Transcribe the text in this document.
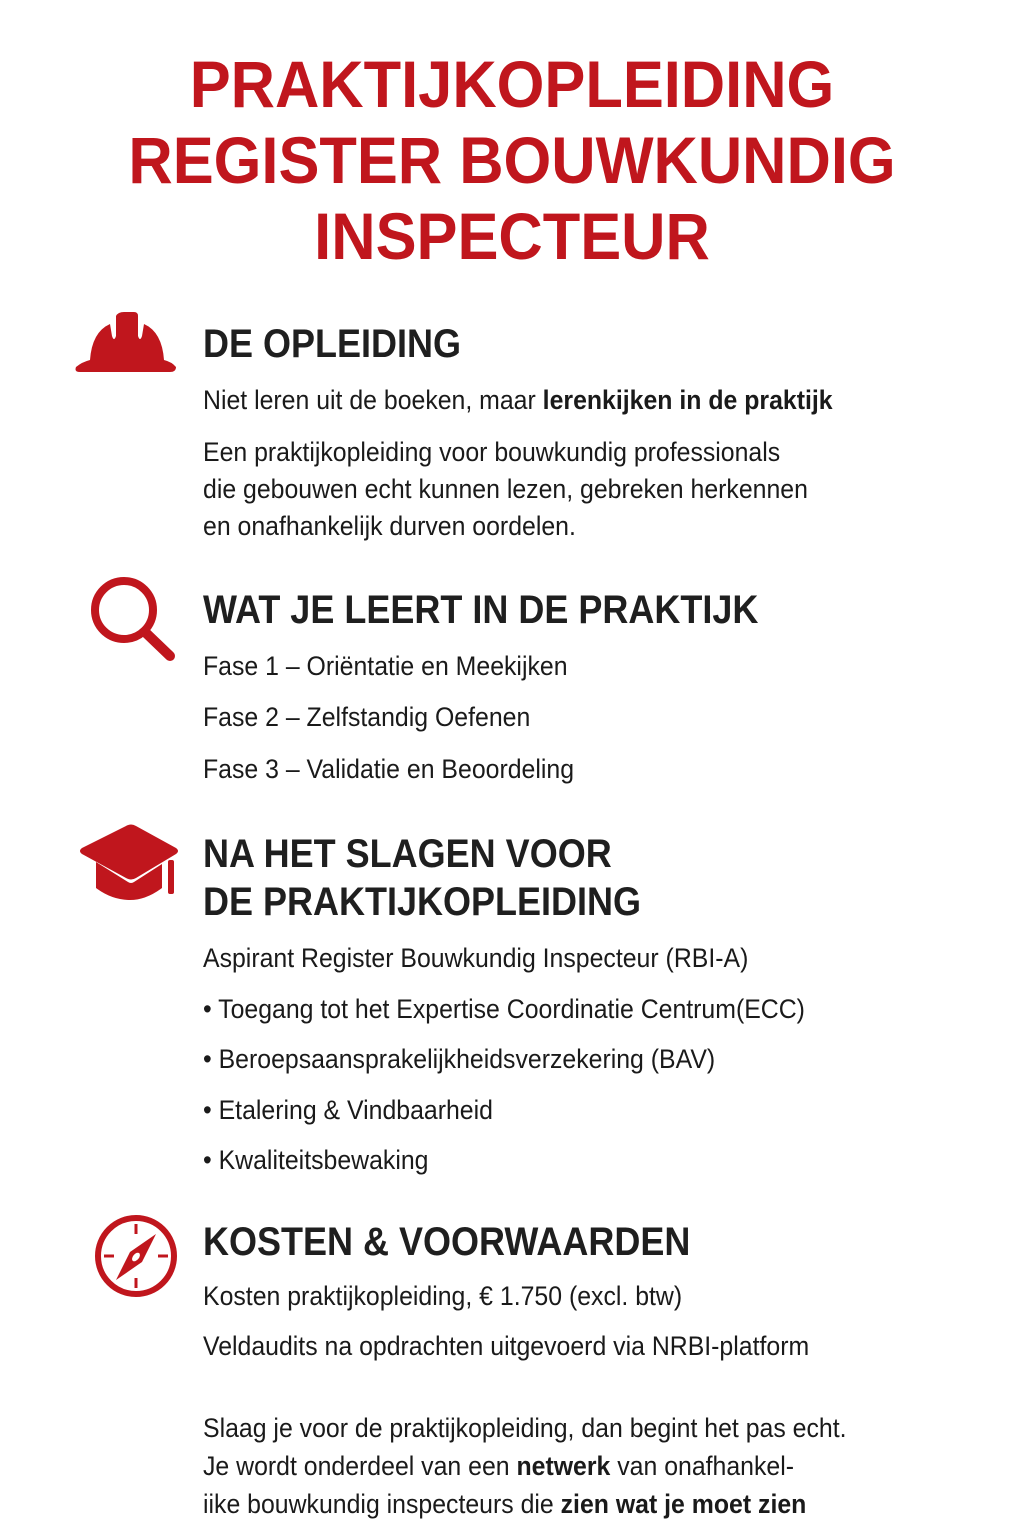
PRAKTIJKOPLEIDING
REGISTER BOUWKUNDIG
INSPECTEUR
DE OPLEIDING
Niet leren uit de boeken, maar lerenkijken in de praktijk
Een praktijkopleiding voor bouwkundig professionals
die gebouwen echt kunnen lezen, gebreken herkennen
en onafhankelijk durven oordelen.
WAT JE LEERT IN DE PRAKTIJK
Fase 1 – Oriëntatie en Meekijken
Fase 2 – Zelfstandig Oefenen
Fase 3 – Validatie en Beoordeling
NA HET SLAGEN VOOR
DE PRAKTIJKOPLEIDING
Aspirant Register Bouwkundig Inspecteur (RBI-A)
• Toegang tot het Expertise Coordinatie Centrum(ECC)
• Beroepsaansprakelijkheidsverzekering (BAV)
• Etalering & Vindbaarheid
• Kwaliteitsbewaking
KOSTEN & VOORWAARDEN
Kosten praktijkopleiding, € 1.750 (excl. btw)
Veldaudits na opdrachten uitgevoerd via NRBI-platform
Slaag je voor de praktijkopleiding, dan begint het pas echt.
Je wordt onderdeel van een netwerk van onafhankel-
iike bouwkundig inspecteurs die zien wat je moet zien
